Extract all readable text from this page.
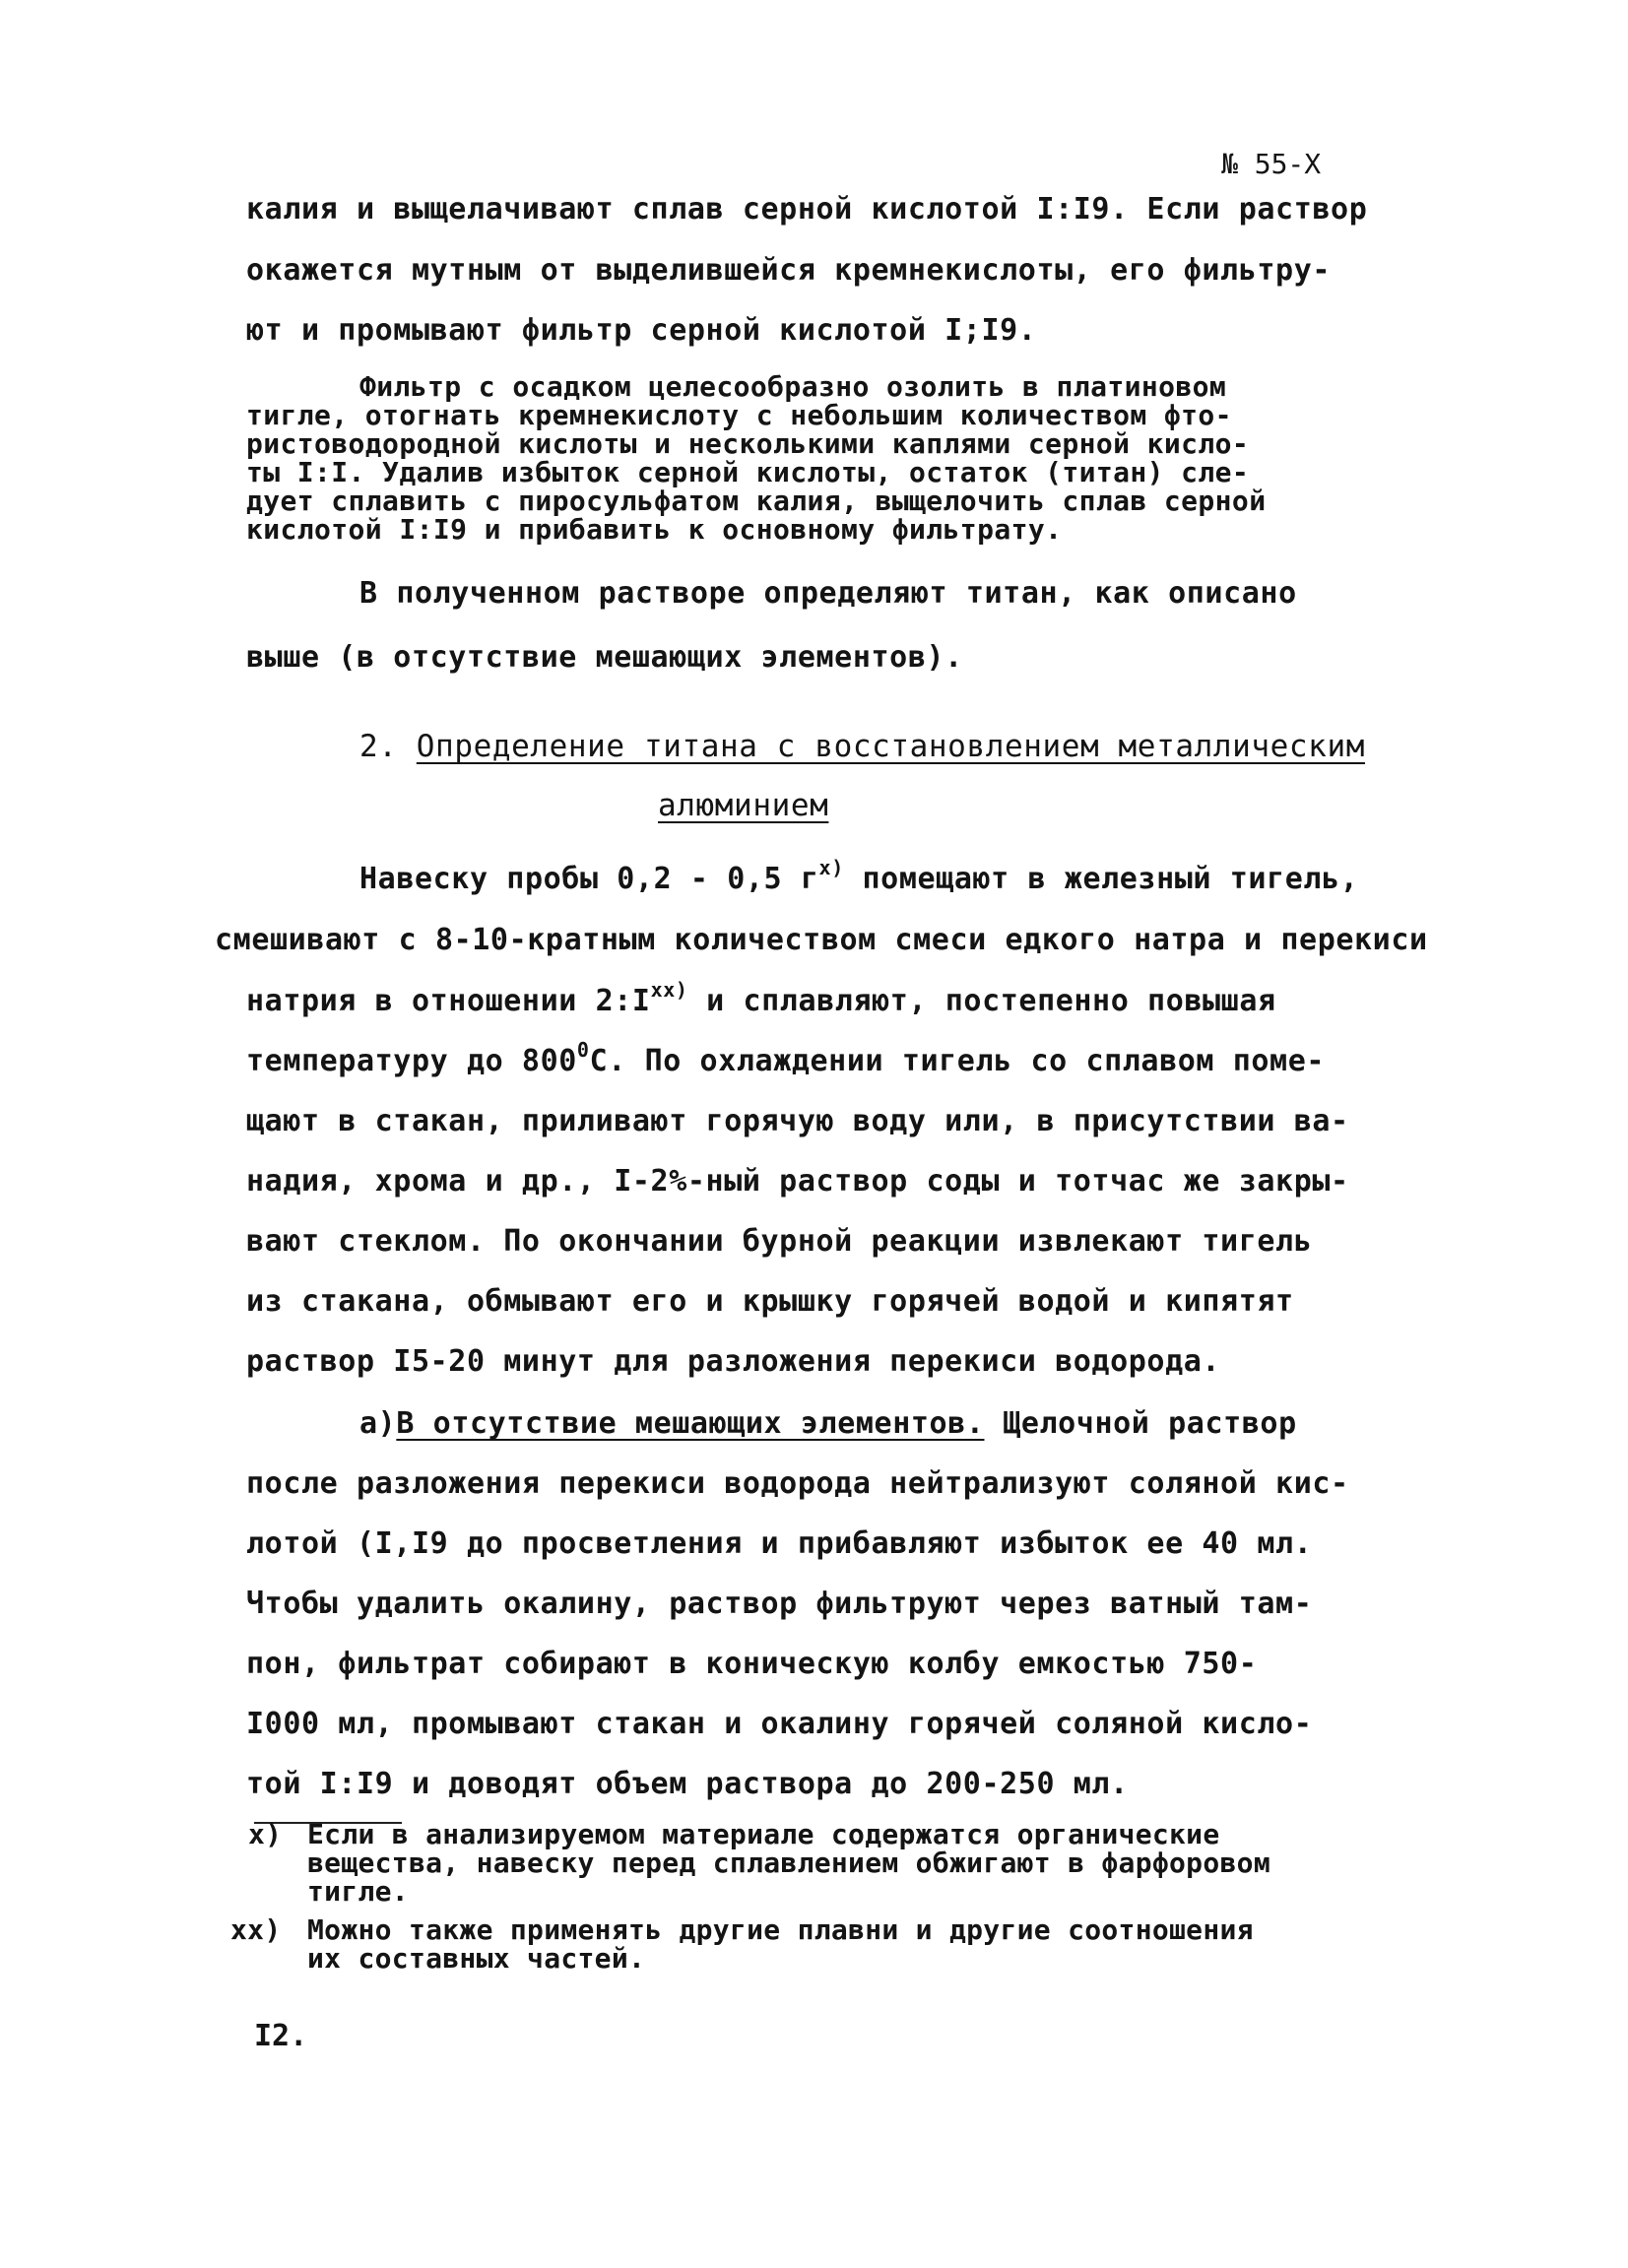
№ 55-Х
калия и выщелачивают сплав серной кислотой I:I9. Если раствор
окажется мутным от выделившейся кремнекислоты, его фильтру-
ют и промывают фильтр серной кислотой I;I9.
Фильтр с осадком целесообразно озолить в платиновом
тигле, отогнать кремнекислоту с небольшим количеством фто-
ристоводородной кислоты и несколькими каплями серной кисло-
ты I:I. Удалив избыток серной кислоты, остаток (титан) сле-
дует сплавить с пиросульфатом калия, выщелочить сплав серной
кислотой I:I9 и прибавить к основному фильтрату.
В полученном растворе определяют титан, как описано
выше (в отсутствие мешающих элементов).
2. Определение титана с восстановлением металлическим
алюминием
Навеску пробы 0,2 - 0,5 $г^{х)}$ помещают в железный тигель,
смешивают с 8-10-кратным количеством смеси едкого натра и перекиси
натрия в отношении $2:I^{хх)}$ и сплавляют, постепенно повышая
температуру до $800^0С$. По охлаждении тигель со сплавом поме-
щают в стакан, приливают горячую воду или, в присутствии ва-
надия, хрома и др., I-2%-ный раствор соды и тотчас же закры-
вают стеклом. По окончании бурной реакции извлекают тигель
из стакана, обмывают его и крышку горячей водой и кипятят
раствор I5-20 минут для разложения перекиси водорода.
а)В отсутствие мешающих элементов. Щелочной раствор
после разложения перекиси водорода нейтрализуют соляной кис-
лотой (I,I9 до просветления и прибавляют избыток ее 40 мл.
Чтобы удалить окалину, раствор фильтруют через ватный там-
пон, фильтрат собирают в коническую колбу емкостью 750-
I000 мл, промывают стакан и окалину горячей соляной кисло-
той I:I9 и доводят объем раствора до 200-250 мл.
х) Если в анализируемом материале содержатся органические
вещества, навеску перед сплавлением обжигают в фарфоровом
тигле.
хх) Можно также применять другие плавни и другие соотношения
их составных частей.
I2.
